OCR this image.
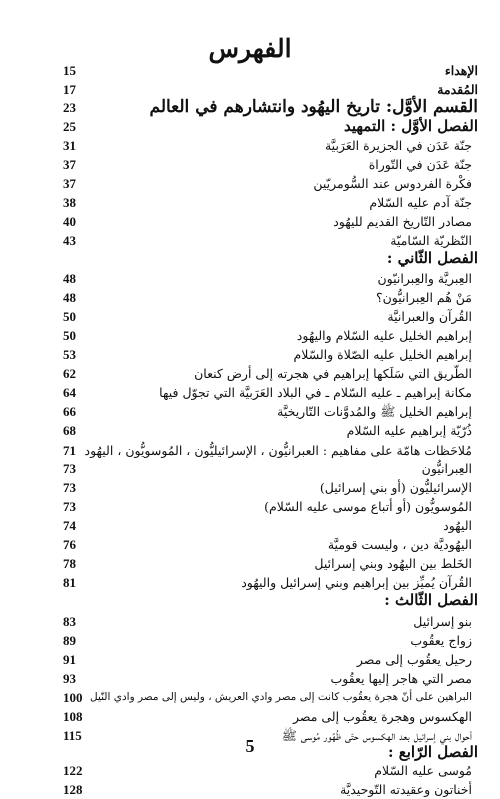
الفهرس
15	الإهداء
17	المُقدمة
23	القسم الأوَّل: تاريخ اليهُود وانتشارهم في العالم
25	الفصل الأوَّل : التمهيد
31	جنّة عَدَن في الجزيرة العَرَبيَّة
37	جنّة عَدَن في التّوراة
37	فكْرة الفردوس عند السُّومريّين
38	جنّة آدم عليه السّلام
40	مصادر التّاريخ القديم لليهُود
43	النّظريّة السّاميّة
الفصل الثّاني :
48	العِبريَّة والعِبرانيّون
48	مَنْ هُم العِبرانيُّون؟
50	القُرآن والعبرانيَّة
50	إبراهيم الخليل عليه السّلام واليهُود
53	إبراهيم الخليل عليه الصّلاة والسّلام
62	الطّريق التي سَلَكها إبراهيم في هجرته إلى أرض كنعان
64	مكانة إبراهيم ـ عليه السّلام ـ في البلاد العَرَبيَّة التي تجوّل فيها
66	إبراهيم الخليل ﷺ والمُدوَّنات التّاريخيَّة
68	ذُرّيّة إبراهيم عليه السّلام
71 مُلاحَظات هامّة على مفاهيم : العبرانيُّون ، الإسرائيليُّون ، المُوسويُّون ، اليهُود
73	العِبرانيُّون
73	الإسرائيليُّون (أو بني إسرائيل)
73	المُوسويُّون (أو أتباع موسى عليه السّلام)
74	اليهُود
76	اليهُوديَّة دين ، وليست قوميَّة
78	الخَلط بين اليهُود وبني إسرائيل
81	القُرآن يُميِّز بين إبراهيم وبني إسرائيل واليهُود
الفصل الثّالث :
83	بنو إسرائيل
89	زواج يعقُوب
91	رحيل يعقُوب إلى مصر
93	مصر التي هاجر إليها يعقُوب
100 البراهين على أنّ هجرة يعقُوب كانت إلى مصر وادي العريش ، وليس إلى مصر وادي النّيل
108	الهكسوس وهجرة يعقُوب إلى مصر
115	أحوال بني إسرائيل بعد الهكسوس حتّى ظُهُور مُوسى ﷺ
الفصل الرّابع :
122	مُوسى عليه السّلام
128	أخناتون وعقيدته التّوحيديَّة
5
